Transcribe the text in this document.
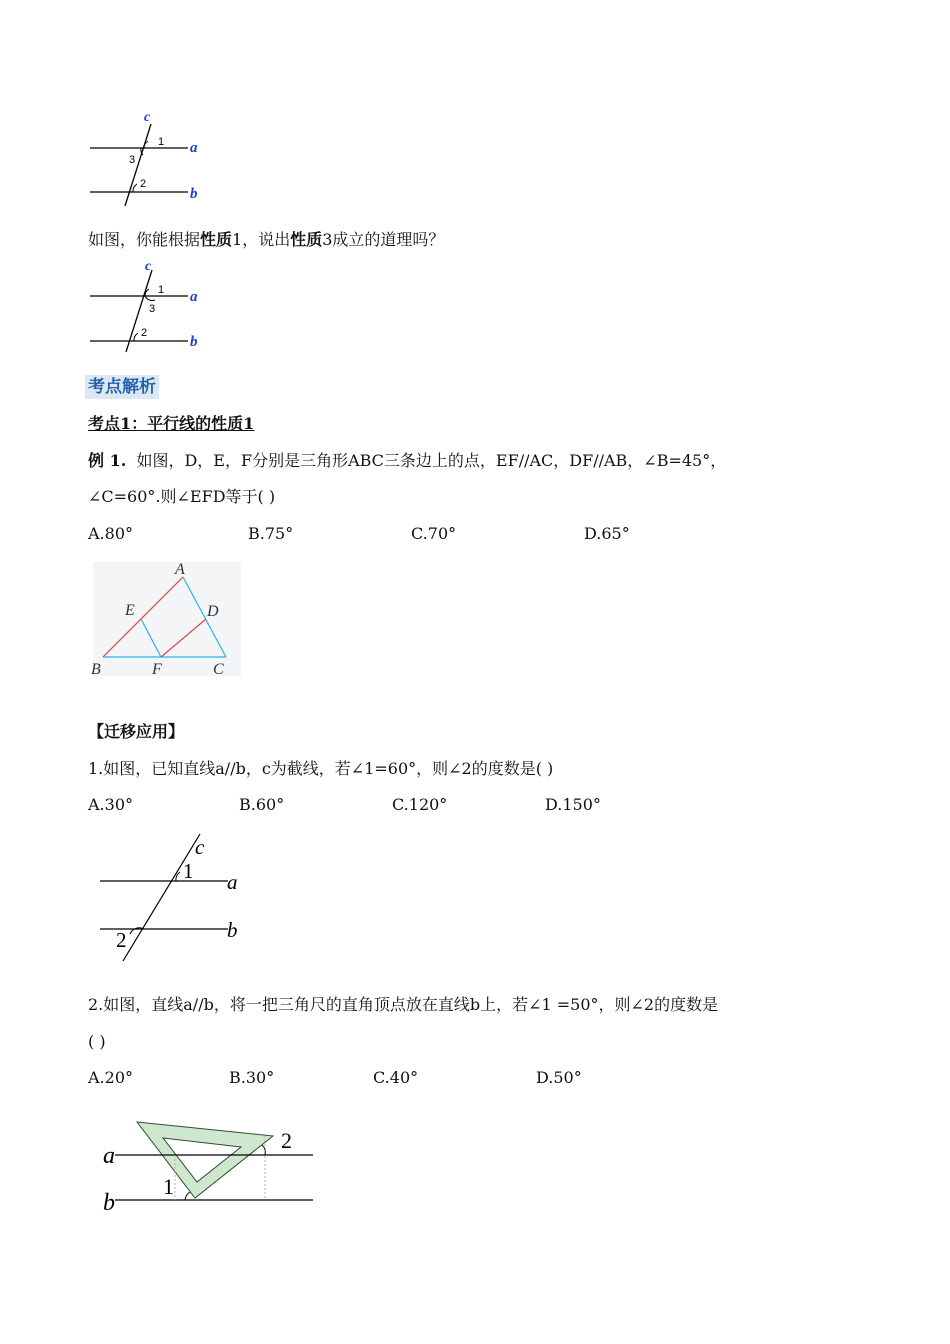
c
1
3
2
a
b
如图，你能根据性质1，说出性质3成立的道理吗？
c
1
3
2
a
b
考点解析
考点1：平行线的性质1
例 1. 如图，D，E，F分别是三角形ABC三条边上的点，EF//AC，DF//AB，∠B=45°，
∠C=60°.则∠EFD等于( )
A.80°	B.75°	C.70°	D.65°
A
B	C
D
E
F
【迁移应用】
1.如图，已知直线a//b，c为截线，若∠1=60°，则∠2的度数是( )
A.30°	B.60°	C.120°	D.150°
c
1 a
2	b
2.如图，直线a//b，将一把三角尺的直角顶点放在直线b上，若∠1 =50°，则∠2的度数是
( )
A.20°	B.30°	C.40°	D.50°
a
b
1
2
